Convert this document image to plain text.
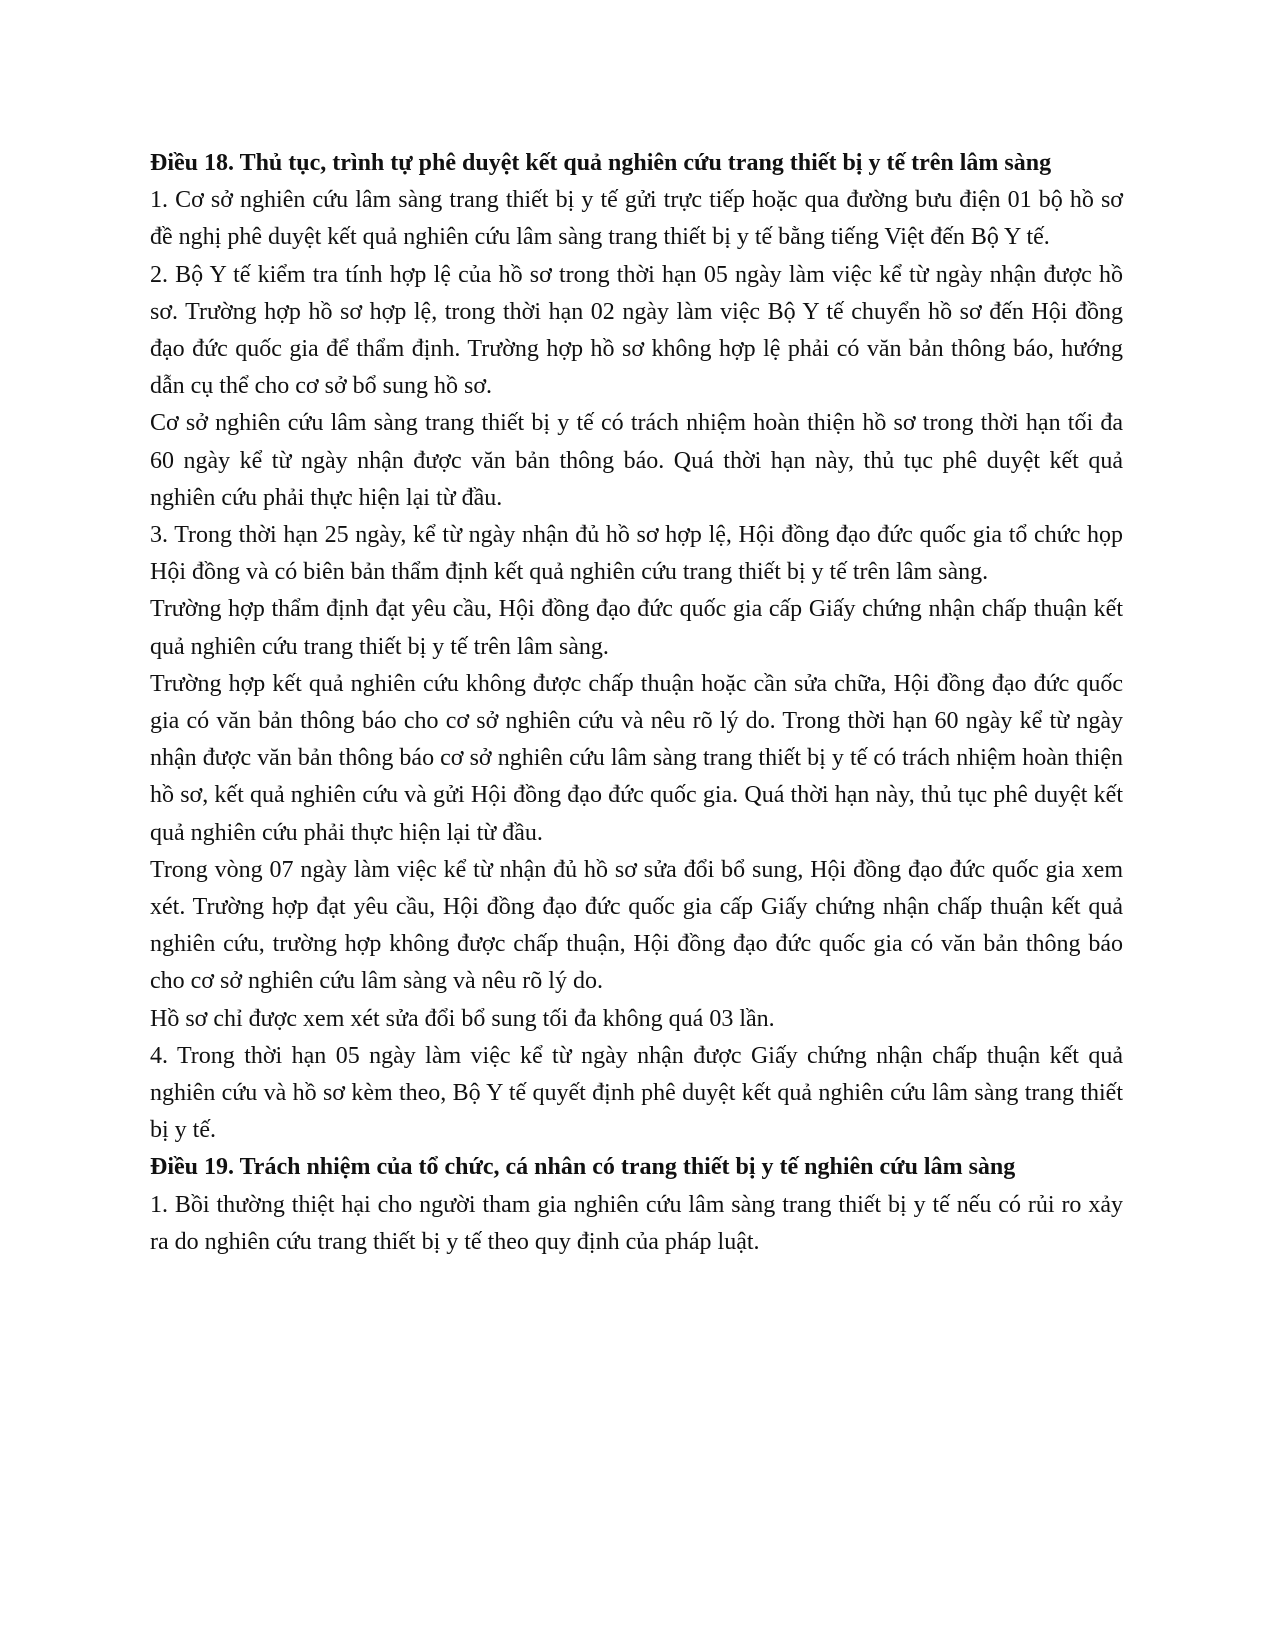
Điều 18. Thủ tục, trình tự phê duyệt kết quả nghiên cứu trang thiết bị y tế trên lâm sàng

1. Cơ sở nghiên cứu lâm sàng trang thiết bị y tế gửi trực tiếp hoặc qua đường bưu điện 01 bộ hồ sơ đề nghị phê duyệt kết quả nghiên cứu lâm sàng trang thiết bị y tế bằng tiếng Việt đến Bộ Y tế.

2. Bộ Y tế kiểm tra tính hợp lệ của hồ sơ trong thời hạn 05 ngày làm việc kể từ ngày nhận được hồ sơ. Trường hợp hồ sơ hợp lệ, trong thời hạn 02 ngày làm việc Bộ Y tế chuyển hồ sơ đến Hội đồng đạo đức quốc gia để thẩm định. Trường hợp hồ sơ không hợp lệ phải có văn bản thông báo, hướng dẫn cụ thể cho cơ sở bổ sung hồ sơ.

Cơ sở nghiên cứu lâm sàng trang thiết bị y tế có trách nhiệm hoàn thiện hồ sơ trong thời hạn tối đa 60 ngày kể từ ngày nhận được văn bản thông báo. Quá thời hạn này, thủ tục phê duyệt kết quả nghiên cứu phải thực hiện lại từ đầu.

3. Trong thời hạn 25 ngày, kể từ ngày nhận đủ hồ sơ hợp lệ, Hội đồng đạo đức quốc gia tổ chức họp Hội đồng và có biên bản thẩm định kết quả nghiên cứu trang thiết bị y tế trên lâm sàng.

Trường hợp thẩm định đạt yêu cầu, Hội đồng đạo đức quốc gia cấp Giấy chứng nhận chấp thuận kết quả nghiên cứu trang thiết bị y tế trên lâm sàng.

Trường hợp kết quả nghiên cứu không được chấp thuận hoặc cần sửa chữa, Hội đồng đạo đức quốc gia có văn bản thông báo cho cơ sở nghiên cứu và nêu rõ lý do. Trong thời hạn 60 ngày kể từ ngày nhận được văn bản thông báo cơ sở nghiên cứu lâm sàng trang thiết bị y tế có trách nhiệm hoàn thiện hồ sơ, kết quả nghiên cứu và gửi Hội đồng đạo đức quốc gia. Quá thời hạn này, thủ tục phê duyệt kết quả nghiên cứu phải thực hiện lại từ đầu.

Trong vòng 07 ngày làm việc kể từ nhận đủ hồ sơ sửa đổi bổ sung, Hội đồng đạo đức quốc gia xem xét. Trường hợp đạt yêu cầu, Hội đồng đạo đức quốc gia cấp Giấy chứng nhận chấp thuận kết quả nghiên cứu, trường hợp không được chấp thuận, Hội đồng đạo đức quốc gia có văn bản thông báo cho cơ sở nghiên cứu lâm sàng và nêu rõ lý do.

Hồ sơ chỉ được xem xét sửa đổi bổ sung tối đa không quá 03 lần.

4. Trong thời hạn 05 ngày làm việc kể từ ngày nhận được Giấy chứng nhận chấp thuận kết quả nghiên cứu và hồ sơ kèm theo, Bộ Y tế quyết định phê duyệt kết quả nghiên cứu lâm sàng trang thiết bị y tế.

Điều 19. Trách nhiệm của tổ chức, cá nhân có trang thiết bị y tế nghiên cứu lâm sàng

1. Bồi thường thiệt hại cho người tham gia nghiên cứu lâm sàng trang thiết bị y tế nếu có rủi ro xảy ra do nghiên cứu trang thiết bị y tế theo quy định của pháp luật.
